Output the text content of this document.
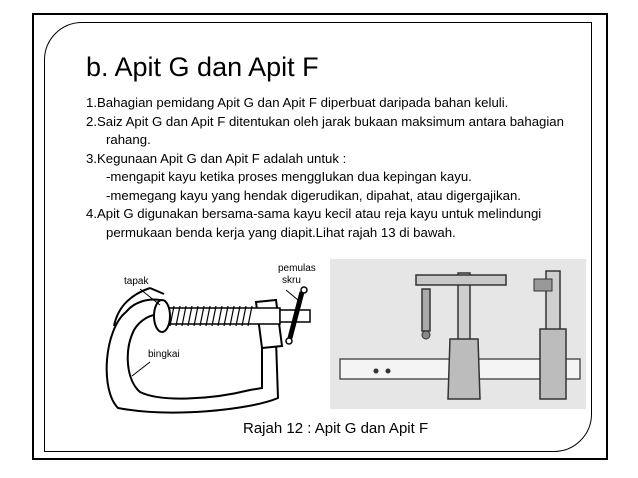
b. Apit G dan Apit F
1. Bahagian pemidang Apit G dan Apit F diperbuat daripada bahan keluli.
2. Saiz Apit G dan Apit F ditentukan oleh jarak bukaan maksimum antara bahagian
rahang.
3. Kegunaan Apit G dan Apit F adalah untuk :
-mengapit kayu ketika proses menggIukan dua kepingan kayu.
-memegang kayu yang hendak digerudikan, dipahat, atau digergajikan.
4. Apit G digunakan bersama-sama kayu kecil atau reja kayu untuk melindungi
permukaan benda kerja yang diapit.Lihat rajah 13 di bawah.
tapak
pemulas
skru
bingkai
Rajah 12 : Apit G dan Apit F
